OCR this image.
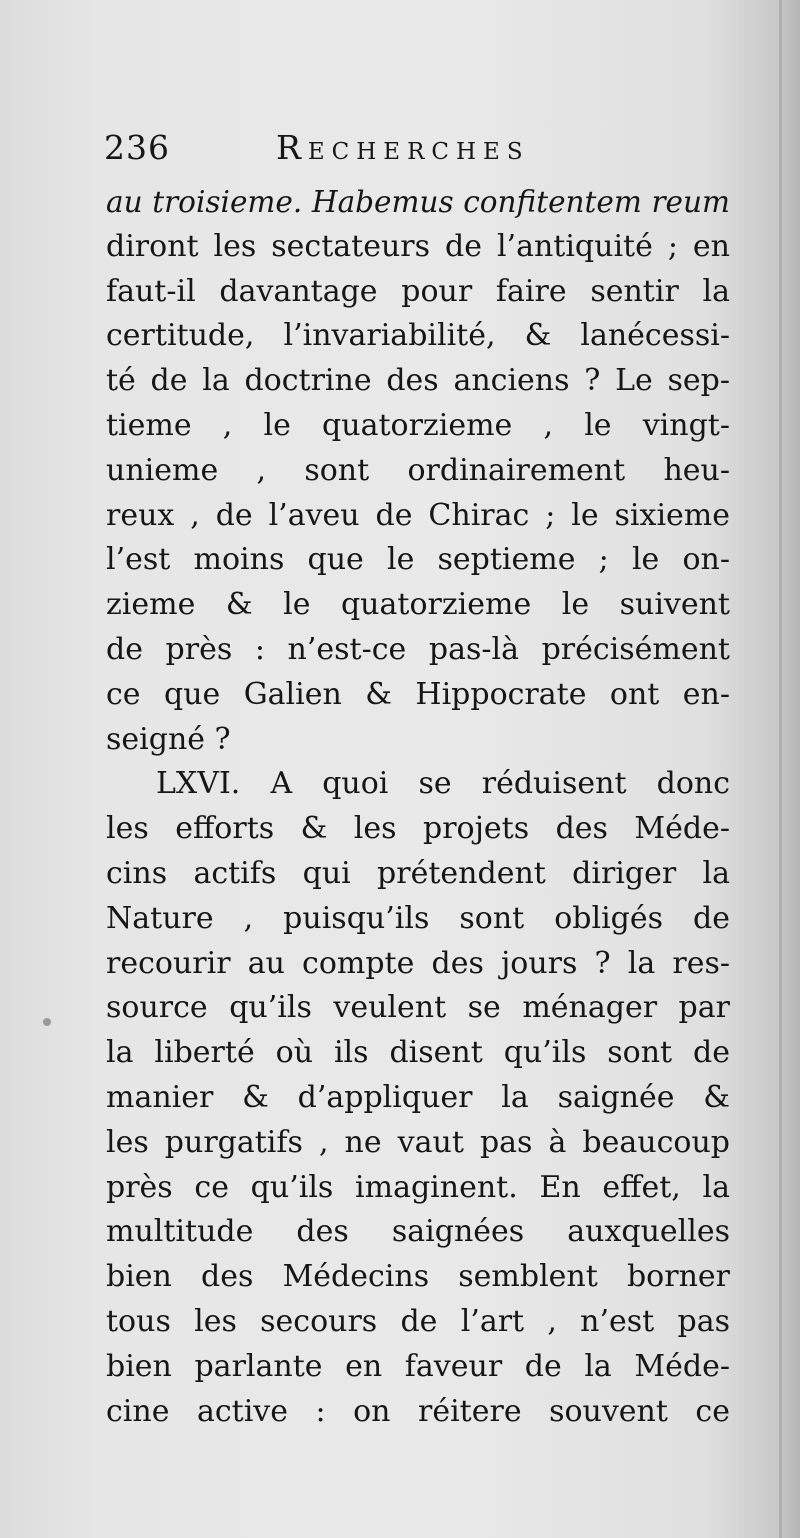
236	Recherches
au troisieme. Habemus confitentem reum
diront les sectateurs de l’antiquité ; en
faut-il davantage pour faire sentir la
certitude, l’invariabilité, & lanécessi-
té de la doctrine des anciens ? Le sep-
tieme , le quatorzieme , le vingt-
unieme , sont ordinairement heu-
reux , de l’aveu de Chirac ; le sixieme
l’est moins que le septieme ; le on-
zieme & le quatorzieme le suivent
de près : n’est-ce pas-là précisément
ce que Galien & Hippocrate ont en-
seigné ?
LXVI. A quoi se réduisent donc
les efforts & les projets des Méde-
cins actifs qui prétendent diriger la
Nature , puisqu’ils sont obligés de
recourir au compte des jours ? la res-
source qu’ils veulent se ménager par
la liberté où ils disent qu’ils sont de
manier & d’appliquer la saignée &
les purgatifs , ne vaut pas à beaucoup
près ce qu’ils imaginent. En effet, la
multitude des saignées auxquelles
bien des Médecins semblent borner
tous les secours de l’art , n’est pas
bien parlante en faveur de la Méde-
cine active : on réitere souvent ce
